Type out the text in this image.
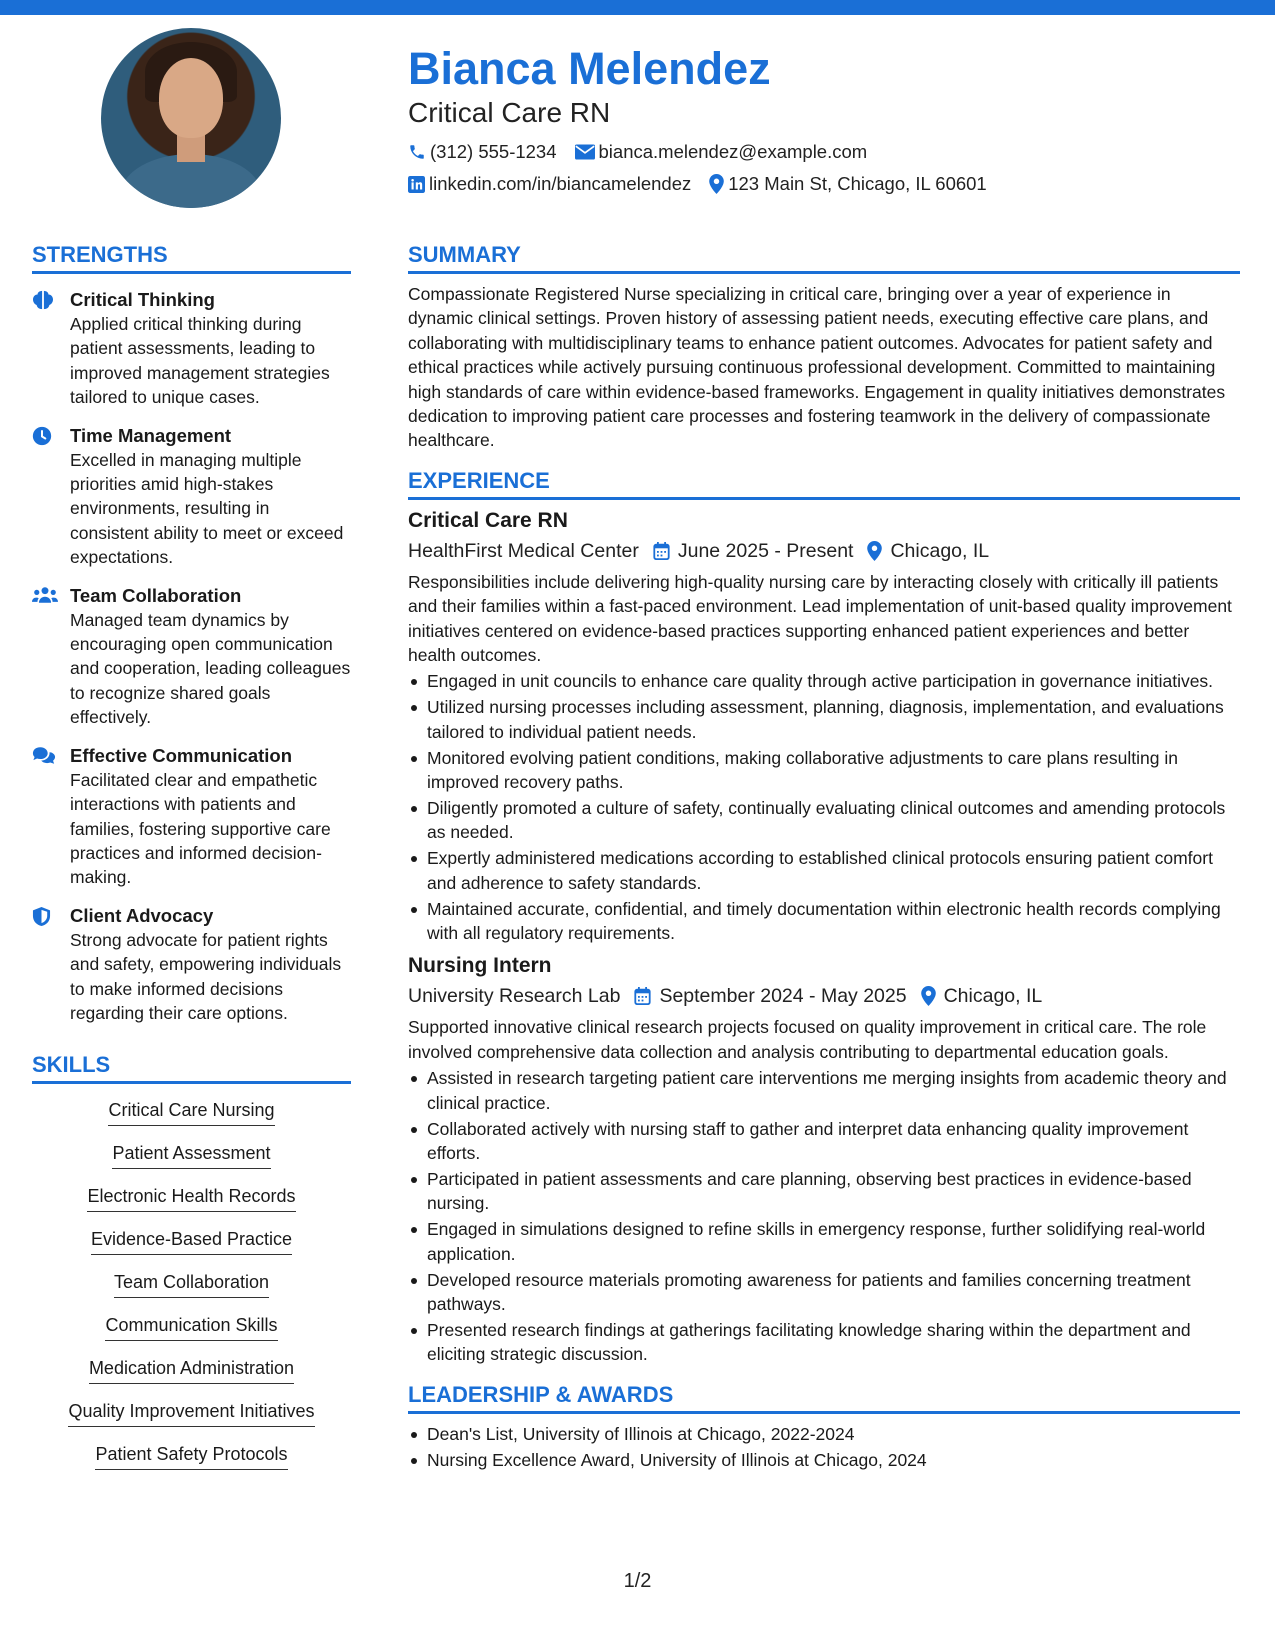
Bianca Melendez
Critical Care RN
(312) 555-1234 bianca.melendez@example.com
linkedin.com/in/biancamelendez 123 Main St, Chicago, IL 60601
STRENGTHS
Critical Thinking
Applied critical thinking during patient assessments, leading to improved management strategies tailored to unique cases.
Time Management
Excelled in managing multiple priorities amid high-stakes environments, resulting in consistent ability to meet or exceed expectations.
Team Collaboration
Managed team dynamics by encouraging open communication and cooperation, leading colleagues to recognize shared goals effectively.
Effective Communication
Facilitated clear and empathetic interactions with patients and families, fostering supportive care practices and informed decision-making.
Client Advocacy
Strong advocate for patient rights and safety, empowering individuals to make informed decisions regarding their care options.
SKILLS
Critical Care Nursing
Patient Assessment
Electronic Health Records
Evidence-Based Practice
Team Collaboration
Communication Skills
Medication Administration
Quality Improvement Initiatives
Patient Safety Protocols
SUMMARY
Compassionate Registered Nurse specializing in critical care, bringing over a year of experience in dynamic clinical settings. Proven history of assessing patient needs, executing effective care plans, and collaborating with multidisciplinary teams to enhance patient outcomes. Advocates for patient safety and ethical practices while actively pursuing continuous professional development. Committed to maintaining high standards of care within evidence-based frameworks. Engagement in quality initiatives demonstrates dedication to improving patient care processes and fostering teamwork in the delivery of compassionate healthcare.
EXPERIENCE
Critical Care RN
HealthFirst Medical Center June 2025 - Present Chicago, IL
Responsibilities include delivering high-quality nursing care by interacting closely with critically ill patients and their families within a fast-paced environment. Lead implementation of unit-based quality improvement initiatives centered on evidence-based practices supporting enhanced patient experiences and better health outcomes.
Engaged in unit councils to enhance care quality through active participation in governance initiatives.
Utilized nursing processes including assessment, planning, diagnosis, implementation, and evaluations tailored to individual patient needs.
Monitored evolving patient conditions, making collaborative adjustments to care plans resulting in improved recovery paths.
Diligently promoted a culture of safety, continually evaluating clinical outcomes and amending protocols as needed.
Expertly administered medications according to established clinical protocols ensuring patient comfort and adherence to safety standards.
Maintained accurate, confidential, and timely documentation within electronic health records complying with all regulatory requirements.
Nursing Intern
University Research Lab September 2024 - May 2025 Chicago, IL
Supported innovative clinical research projects focused on quality improvement in critical care. The role involved comprehensive data collection and analysis contributing to departmental education goals.
Assisted in research targeting patient care interventions me merging insights from academic theory and clinical practice.
Collaborated actively with nursing staff to gather and interpret data enhancing quality improvement efforts.
Participated in patient assessments and care planning, observing best practices in evidence-based nursing.
Engaged in simulations designed to refine skills in emergency response, further solidifying real-world application.
Developed resource materials promoting awareness for patients and families concerning treatment pathways.
Presented research findings at gatherings facilitating knowledge sharing within the department and eliciting strategic discussion.
LEADERSHIP & AWARDS
Dean's List, University of Illinois at Chicago, 2022-2024
Nursing Excellence Award, University of Illinois at Chicago, 2024
1/2
